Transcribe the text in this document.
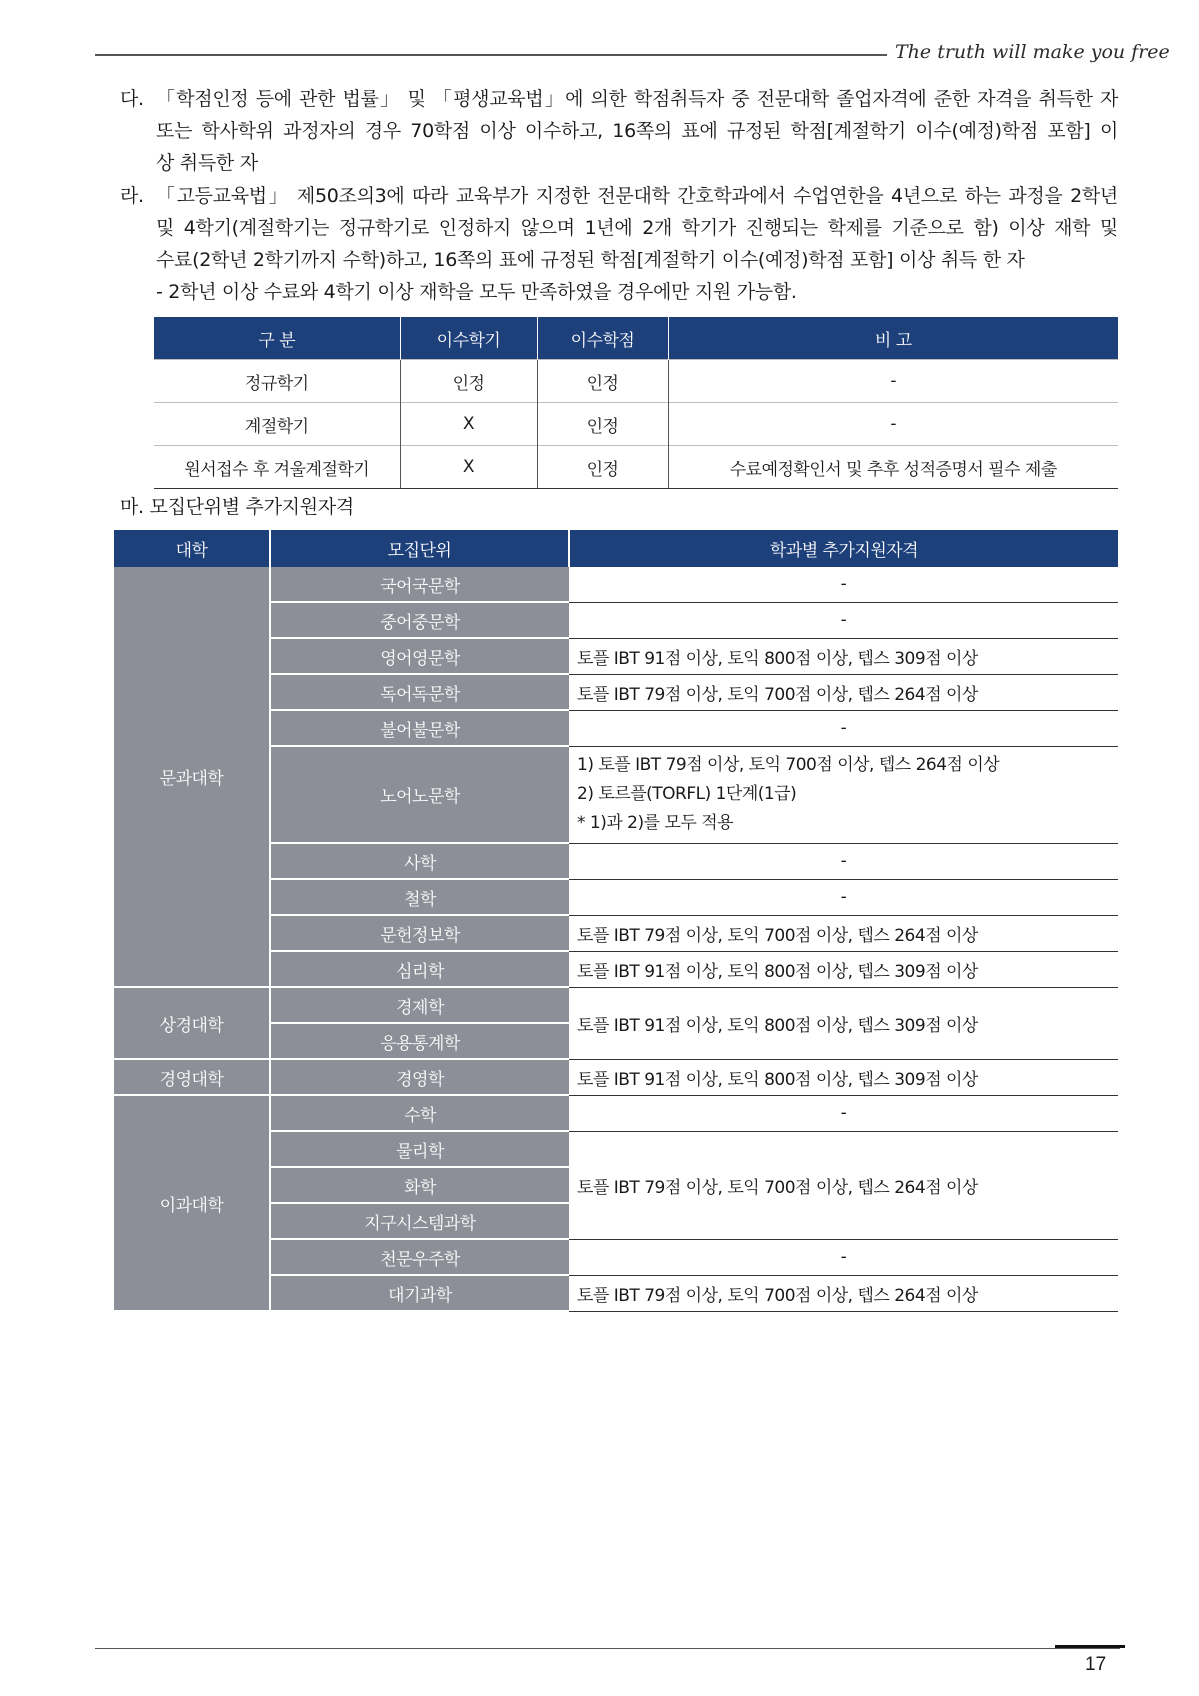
The truth will make you free
다. 「학점인정 등에 관한 법률」 및 「평생교육법」에 의한 학점취득자 중 전문대학 졸업자격에 준한 자격을 취득한 자
또는 학사학위 과정자의 경우 70학점 이상 이수하고, 16쪽의 표에 규정된 학점[계절학기 이수(예정)학점 포함] 이
상 취득한 자
라. 「고등교육법」 제50조의3에 따라 교육부가 지정한 전문대학 간호학과에서 수업연한을 4년으로 하는 과정을 2학년
및 4학기(계절학기는 정규학기로 인정하지 않으며 1년에 2개 학기가 진행되는 학제를 기준으로 함) 이상 재학 및
수료(2학년 2학기까지 수학)하고, 16쪽의 표에 규정된 학점[계절학기 이수(예정)학점 포함] 이상 취득 한 자
- 2학년 이상 수료와 4학기 이상 재학을 모두 만족하였을 경우에만 지원 가능함.
구 분	이수학기	이수학점	비 고
정규학기	인정	인정	-
계절학기	X	인정	-
원서접수 후 겨울계절학기	X	인정	수료예정확인서 및 추후 성적증명서 필수 제출
마. 모집단위별 추가지원자격
대학	모집단위	학과별 추가지원자격
문과대학	국어국문학	-
	중어중문학	-
	영어영문학	토플 IBT 91점 이상, 토익 800점 이상, 텝스 309점 이상
	독어독문학	토플 IBT 79점 이상, 토익 700점 이상, 텝스 264점 이상
	불어불문학	-
	노어노문학	1) 토플 IBT 79점 이상, 토익 700점 이상, 텝스 264점 이상
2) 토르플(TORFL) 1단계(1급)
* 1)과 2)를 모두 적용

	사학	-
	철학	-
	문헌정보학	토플 IBT 79점 이상, 토익 700점 이상, 텝스 264점 이상
	심리학	토플 IBT 91점 이상, 토익 800점 이상, 텝스 309점 이상
상경대학	경제학	토플 IBT 91점 이상, 토익 800점 이상, 텝스 309점 이상
	응용통계학	
경영대학	경영학	토플 IBT 91점 이상, 토익 800점 이상, 텝스 309점 이상
이과대학	수학	-
	물리학	토플 IBT 79점 이상, 토익 700점 이상, 텝스 264점 이상
	화학	
	지구시스템과학	
	천문우주학	-
	대기과학	토플 IBT 79점 이상, 토익 700점 이상, 텝스 264점 이상
17
